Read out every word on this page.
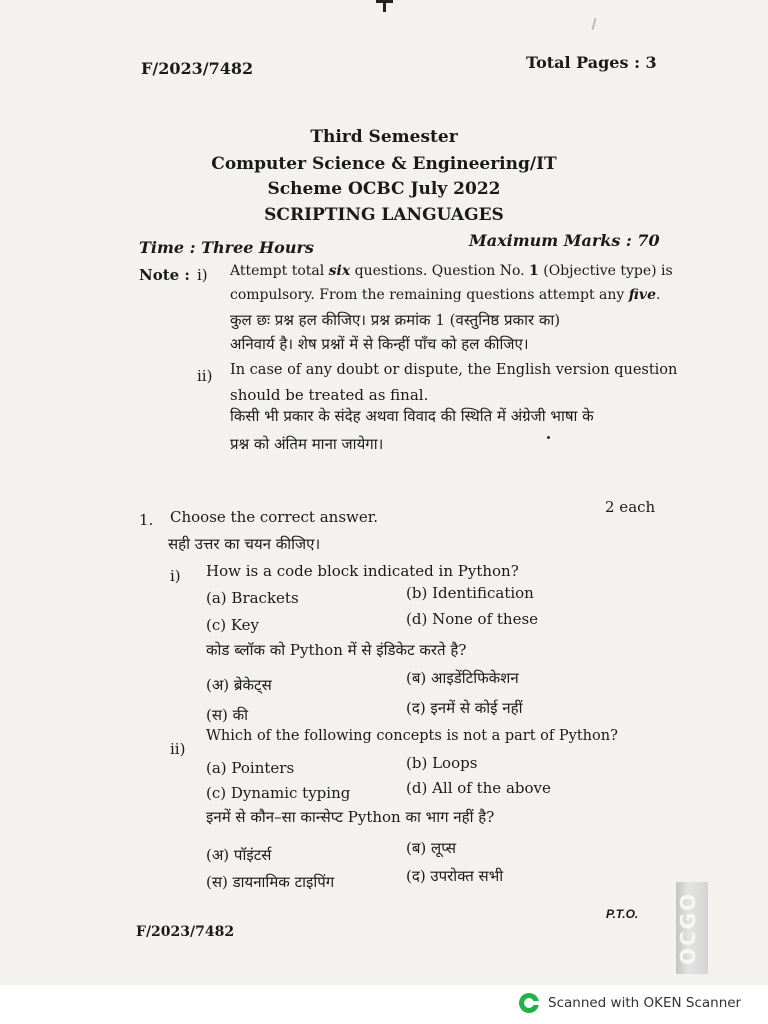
F/2023/7482	Total Pages : 3
Third Semester
Computer Science & Engineering/IT
Scheme OCBC July 2022
SCRIPTING LANGUAGES
Time : Three Hours	Maximum Marks : 70
Note : i) Attempt total six questions. Question No. 1 (Objective type) is
compulsory. From the remaining questions attempt any five.
कुल छः प्रश्न हल कीजिए। प्रश्न क्रमांक 1 (वस्तुनिष्ठ प्रकार का)
अनिवार्य है। शेष प्रश्नों में से किन्हीं पाँच को हल कीजिए।
ii) In case of any doubt or dispute, the English version question
should be treated as final.
किसी भी प्रकार के संदेह अथवा विवाद की स्थिति में अंग्रेजी भाषा के
प्रश्न को अंतिम माना जायेगा।
1. Choose the correct answer.
2 each
सही उत्तर का चयन कीजिए।
i) How is a code block indicated in Python?
(a) Brackets	(b) Identification
(c) Key	(d) None of these
कोड ब्लॉक को Python में से इंडिकेट करते है?
(अ) ब्रेकेट्स	(ब) आइडेंटिफिकेशन
(स) की	(द) इनमें से कोई नहीं
ii)
Which of the following concepts is not a part of Python?
(a) Pointers	(b) Loops
(c) Dynamic typing	(d) All of the above
इनमें से कौन–सा कान्सेप्ट Python का भाग नहीं है?
(अ) पॉइंटर्स	(ब) लूप्स
(स) डायनामिक टाइपिंग	(द) उपरोक्त सभी
P.T.O.
F/2023/7482	OCGO
Scanned with OKEN Scanner
